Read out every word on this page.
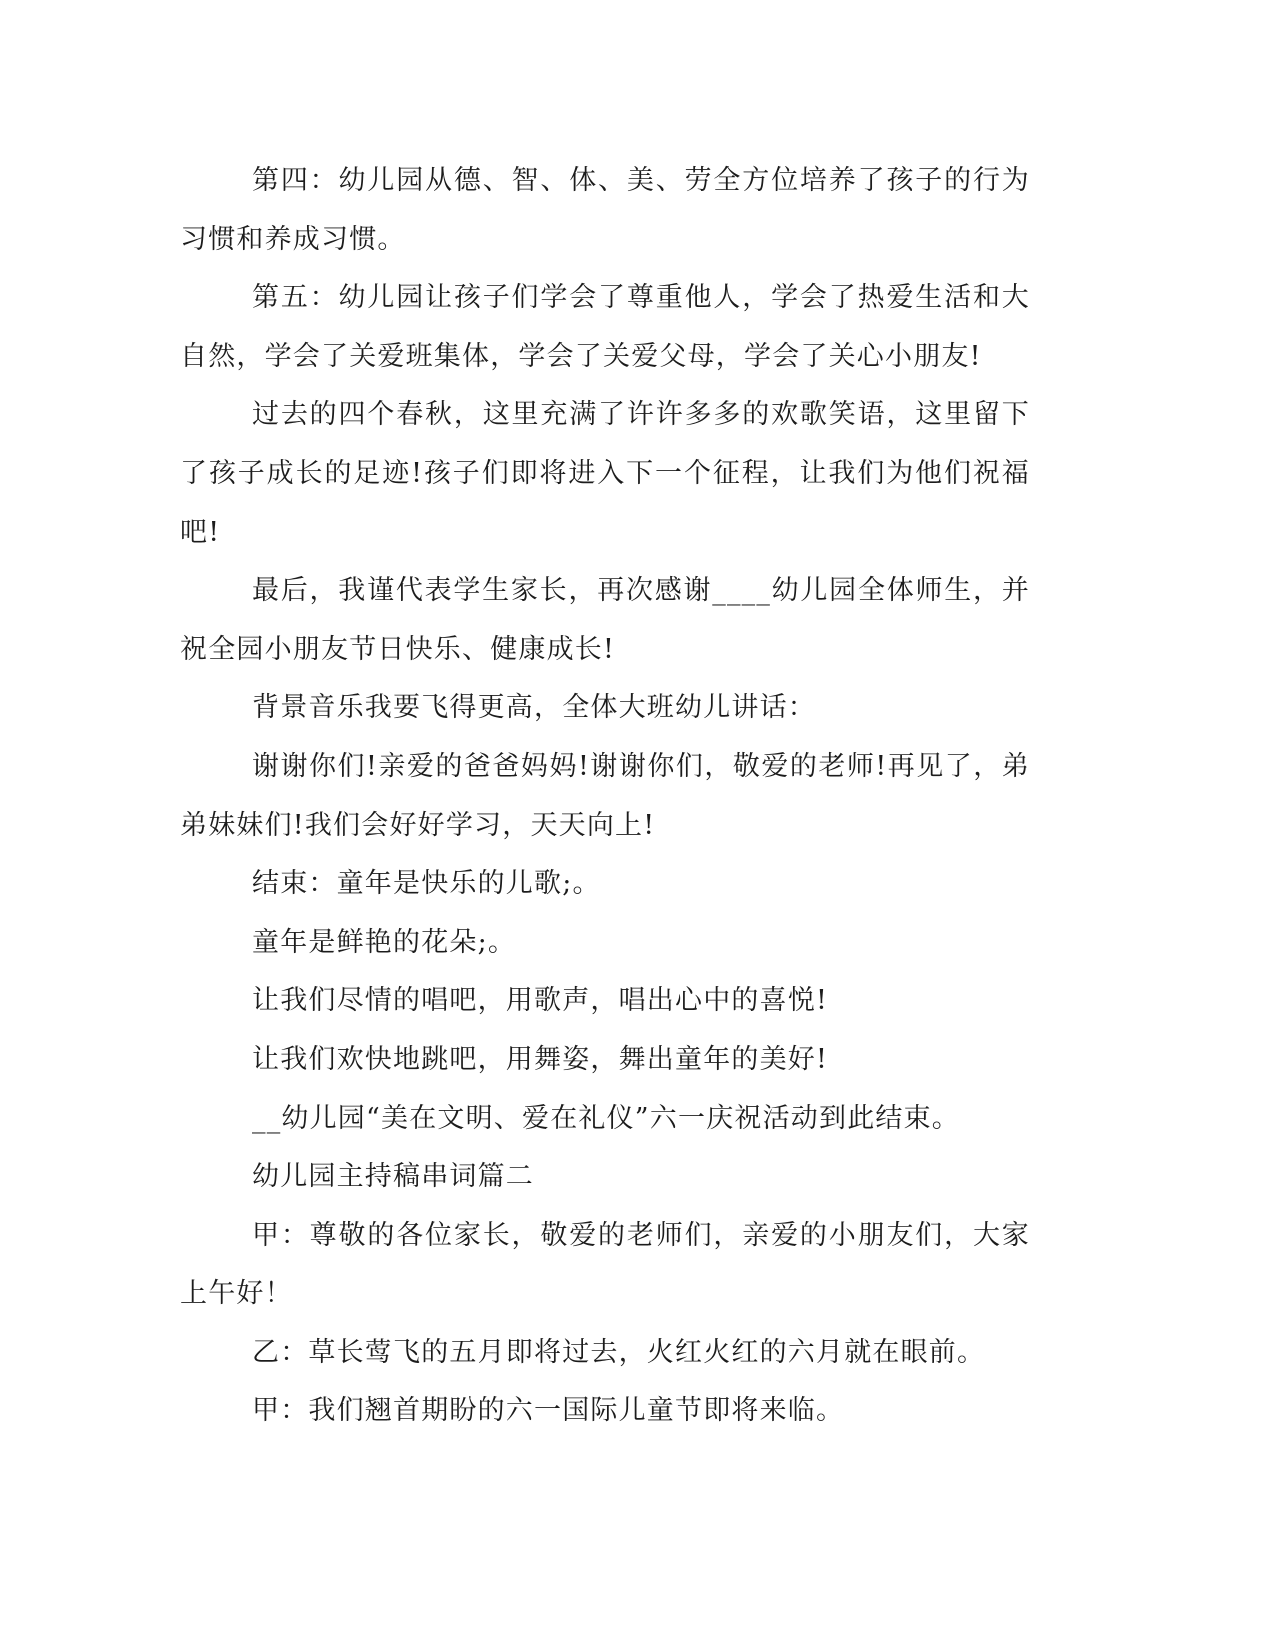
第四：幼儿园从德、智、体、美、劳全方位培养了孩子的行为习惯和养成习惯。

第五：幼儿园让孩子们学会了尊重他人，学会了热爱生活和大自然，学会了关爱班集体，学会了关爱父母，学会了关心小朋友!

过去的四个春秋，这里充满了许许多多的欢歌笑语，这里留下了孩子成长的足迹!孩子们即将进入下一个征程，让我们为他们祝福吧!

最后，我谨代表学生家长，再次感谢____幼儿园全体师生，并祝全园小朋友节日快乐、健康成长!

背景音乐我要飞得更高，全体大班幼儿讲话：

谢谢你们!亲爱的爸爸妈妈!谢谢你们，敬爱的老师!再见了，弟弟妹妹们!我们会好好学习，天天向上!

结束：童年是快乐的儿歌;。

童年是鲜艳的花朵;。

让我们尽情的唱吧，用歌声，唱出心中的喜悦!

让我们欢快地跳吧，用舞姿，舞出童年的美好!

__幼儿园“美在文明、爱在礼仪”六一庆祝活动到此结束。

幼儿园主持稿串词篇二

甲：尊敬的各位家长，敬爱的老师们，亲爱的小朋友们，大家上午好！

乙：草长莺飞的五月即将过去，火红火红的六月就在眼前。

甲：我们翘首期盼的六一国际儿童节即将来临。
